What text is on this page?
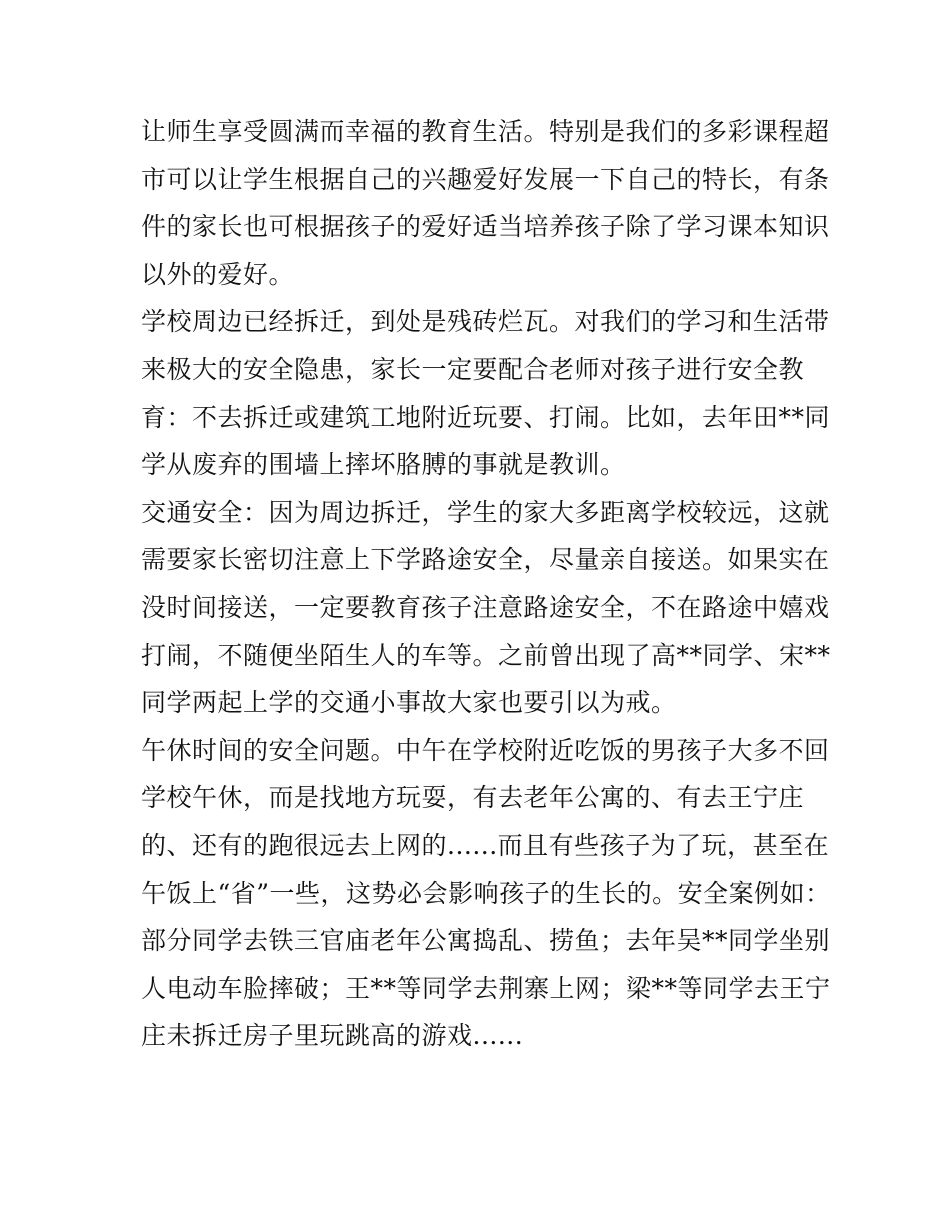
让师生享受圆满而幸福的教育生活。特别是我们的多彩课程超
市可以让学生根据自己的兴趣爱好发展一下自己的特长，有条
件的家长也可根据孩子的爱好适当培养孩子除了学习课本知识
以外的爱好。
学校周边已经拆迁，到处是残砖烂瓦。对我们的学习和生活带
来极大的安全隐患，家长一定要配合老师对孩子进行安全教
育：不去拆迁或建筑工地附近玩要、打闹。比如，去年田**同
学从废弃的围墙上摔坏胳膊的事就是教训。
交通安全：因为周边拆迁，学生的家大多距离学校较远，这就
需要家长密切注意上下学路途安全，尽量亲自接送。如果实在
没时间接送，一定要教育孩子注意路途安全，不在路途中嬉戏
打闹，不随便坐陌生人的车等。之前曾出现了高**同学、宋**
同学两起上学的交通小事故大家也要引以为戒。
午休时间的安全问题。中午在学校附近吃饭的男孩子大多不回
学校午休，而是找地方玩耍，有去老年公寓的、有去王宁庄
的、还有的跑很远去上网的......而且有些孩子为了玩，甚至在
午饭上“省”一些，这势必会影响孩子的生长的。安全案例如：
部分同学去铁三官庙老年公寓捣乱、捞鱼；去年吴**同学坐别
人电动车脸摔破；王**等同学去荆寨上网；梁**等同学去王宁
庄未拆迁房子里玩跳高的游戏......
